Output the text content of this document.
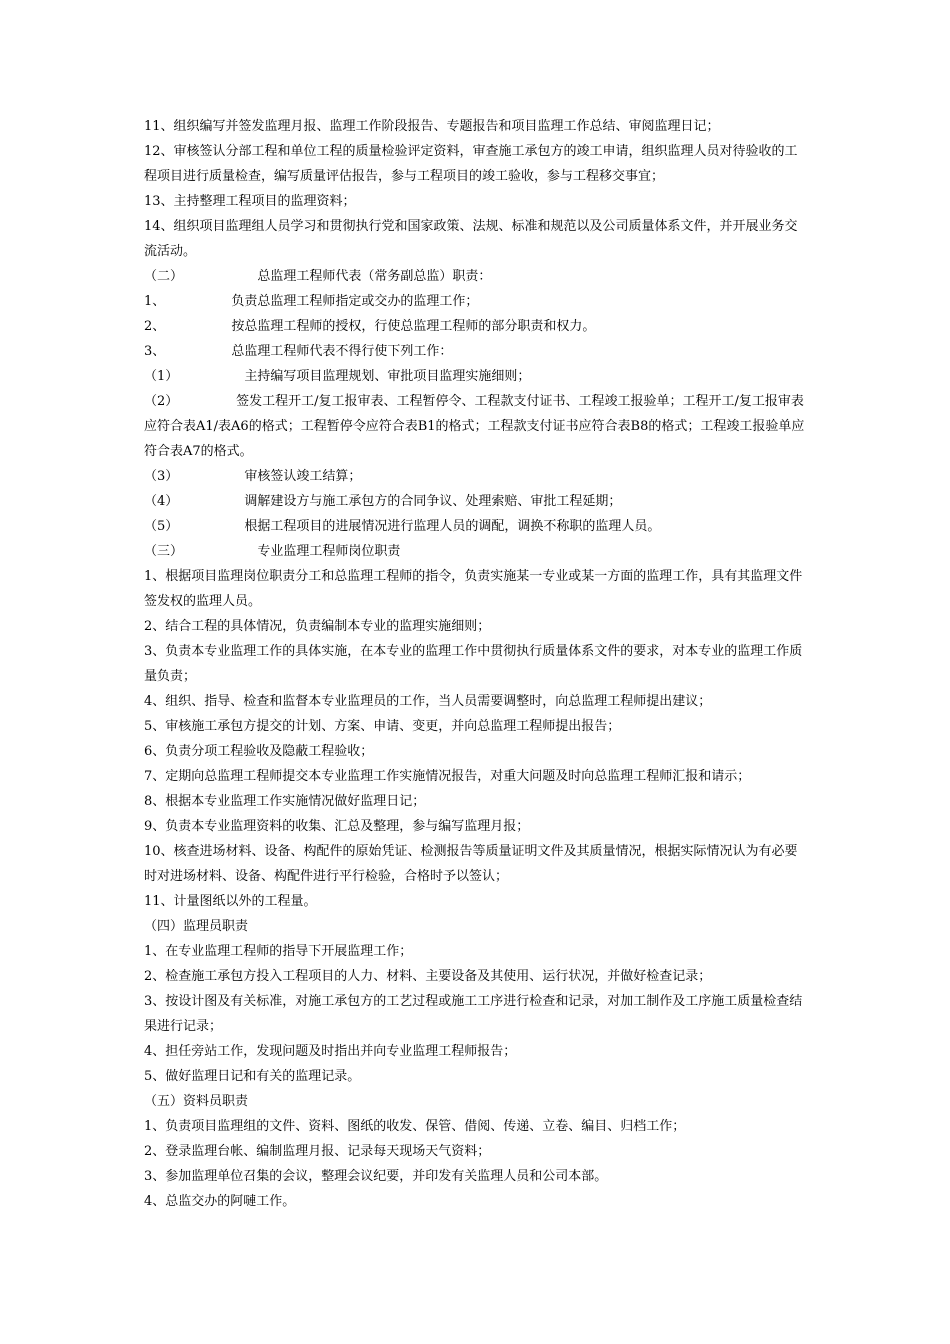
11、组织编写并签发监理月报、监理工作阶段报告、专题报告和项目监理工作总结、审阅监理日记；

12、审核签认分部工程和单位工程的质量检验评定资料，审查施工承包方的竣工申请，组织监理人员对待验收的工程项目进行质量检查，编写质量评估报告，参与工程项目的竣工验收，参与工程移交事宜；

13、主持整理工程项目的监理资料；

14、组织项目监理组人员学习和贯彻执行党和国家政策、法规、标准和规范以及公司质量体系文件，并开展业务交流活动。

（二）                  总监理工程师代表（常务副总监）职责：

1、                负责总监理工程师指定或交办的监理工作；

2、                按总监理工程师的授权，行使总监理工程师的部分职责和权力。

3、                总监理工程师代表不得行使下列工作：

（1）                主持编写项目监理规划、审批项目监理实施细则；

（2）              签发工程开工/复工报审表、工程暂停令、工程款支付证书、工程竣工报验单；工程开工/复工报审表应符合表A1/表A6的格式；工程暂停令应符合表B1的格式；工程款支付证书应符合表B8的格式；工程竣工报验单应符合表A7的格式。

（3）                审核签认竣工结算；

（4）                调解建设方与施工承包方的合同争议、处理索赔、审批工程延期；

（5）                根据工程项目的进展情况进行监理人员的调配，调换不称职的监理人员。

（三）                  专业监理工程师岗位职责

1、根据项目监理岗位职责分工和总监理工程师的指令，负责实施某一专业或某一方面的监理工作，具有其监理文件签发权的监理人员。

2、结合工程的具体情况，负责编制本专业的监理实施细则；

3、负责本专业监理工作的具体实施，在本专业的监理工作中贯彻执行质量体系文件的要求，对本专业的监理工作质量负责；

4、组织、指导、检查和监督本专业监理员的工作，当人员需要调整时，向总监理工程师提出建议；

5、审核施工承包方提交的计划、方案、申请、变更，并向总监理工程师提出报告；

6、负责分项工程验收及隐蔽工程验收；

7、定期向总监理工程师提交本专业监理工作实施情况报告，对重大问题及时向总监理工程师汇报和请示；

8、根据本专业监理工作实施情况做好监理日记；

9、负责本专业监理资料的收集、汇总及整理，参与编写监理月报；

10、核查进场材料、设备、构配件的原始凭证、检测报告等质量证明文件及其质量情况，根据实际情况认为有必要时对进场材料、设备、构配件进行平行检验，合格时予以签认；

11、计量图纸以外的工程量。

（四）监理员职责

1、在专业监理工程师的指导下开展监理工作；

2、检查施工承包方投入工程项目的人力、材料、主要设备及其使用、运行状况，并做好检查记录；

3、按设计图及有关标准，对施工承包方的工艺过程或施工工序进行检查和记录，对加工制作及工序施工质量检查结果进行记录；

4、担任旁站工作，发现问题及时指出并向专业监理工程师报告；

5、做好监理日记和有关的监理记录。

（五）资料员职责

1、负责项目监理组的文件、资料、图纸的收发、保管、借阅、传递、立卷、编目、归档工作；

2、登录监理台帐、编制监理月报、记录每天现场天气资料；

3、参加监理单位召集的会议，整理会议纪要，并印发有关监理人员和公司本部。

4、总监交办的阿嗹工作。
